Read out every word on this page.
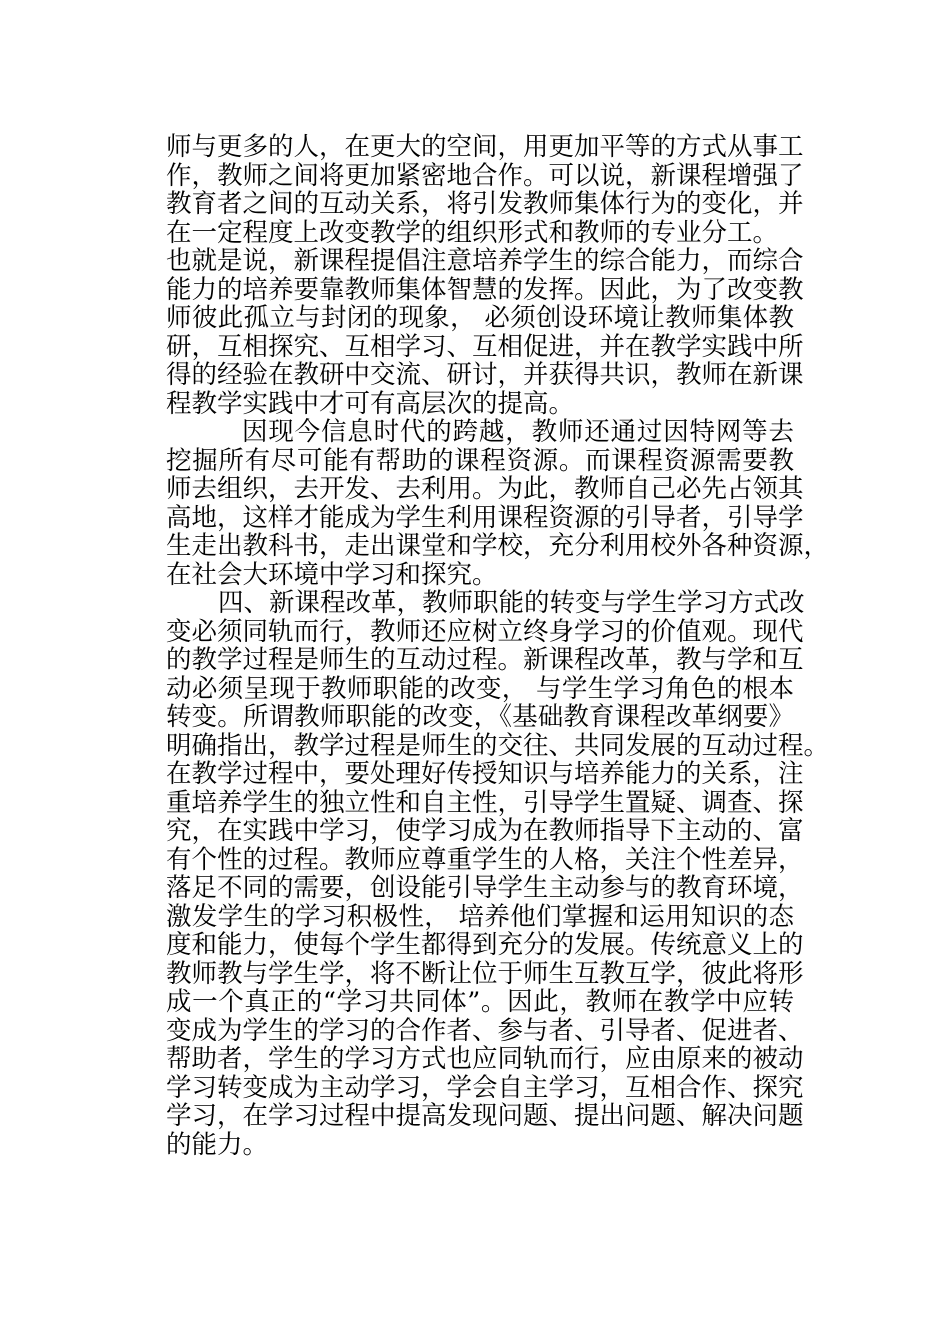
师与更多的人，在更大的空间，用更加平等的方式从事工
作，教师之间将更加紧密地合作。可以说，新课程增强了
教育者之间的互动关系，将引发教师集体行为的变化，并
在一定程度上改变教学的组织形式和教师的专业分工。
也就是说，新课程提倡注意培养学生的综合能力，而综合
能力的培养要靠教师集体智慧的发挥。因此，为了改变教
师彼此孤立与封闭的现象， 必须创设环境让教师集体教
研，互相探究、互相学习、互相促进，并在教学实践中所
得的经验在教研中交流、研讨，并获得共识，教师在新课
程教学实践中才可有高层次的提高。
因现今信息时代的跨越，教师还通过因特网等去
挖掘所有尽可能有帮助的课程资源。而课程资源需要教
师去组织，去开发、去利用。为此，教师自己必先占领其
高地，这样才能成为学生利用课程资源的引导者，引导学
生走出教科书，走出课堂和学校，充分利用校外各种资源，
在社会大环境中学习和探究。
四、新课程改革，教师职能的转变与学生学习方式改
变必须同轨而行，教师还应树立终身学习的价值观。现代
的教学过程是师生的互动过程。新课程改革，教与学和互
动必须呈现于教师职能的改变， 与学生学习角色的根本
转变。所谓教师职能的改变，《基础教育课程改革纲要》
明确指出，教学过程是师生的交往、共同发展的互动过程。
在教学过程中，要处理好传授知识与培养能力的关系，注
重培养学生的独立性和自主性，引导学生置疑、调查、探
究，在实践中学习，使学习成为在教师指导下主动的、富
有个性的过程。教师应尊重学生的人格，关注个性差异，
落足不同的需要，创设能引导学生主动参与的教育环境，
激发学生的学习积极性， 培养他们掌握和运用知识的态
度和能力，使每个学生都得到充分的发展。传统意义上的
教师教与学生学，将不断让位于师生互教互学，彼此将形
成一个真正的“学习共同体”。因此，教师在教学中应转
变成为学生的学习的合作者、参与者、引导者、促进者、
帮助者，学生的学习方式也应同轨而行，应由原来的被动
学习转变成为主动学习，学会自主学习，互相合作、探究
学习，在学习过程中提高发现问题、提出问题、解决问题
的能力。
